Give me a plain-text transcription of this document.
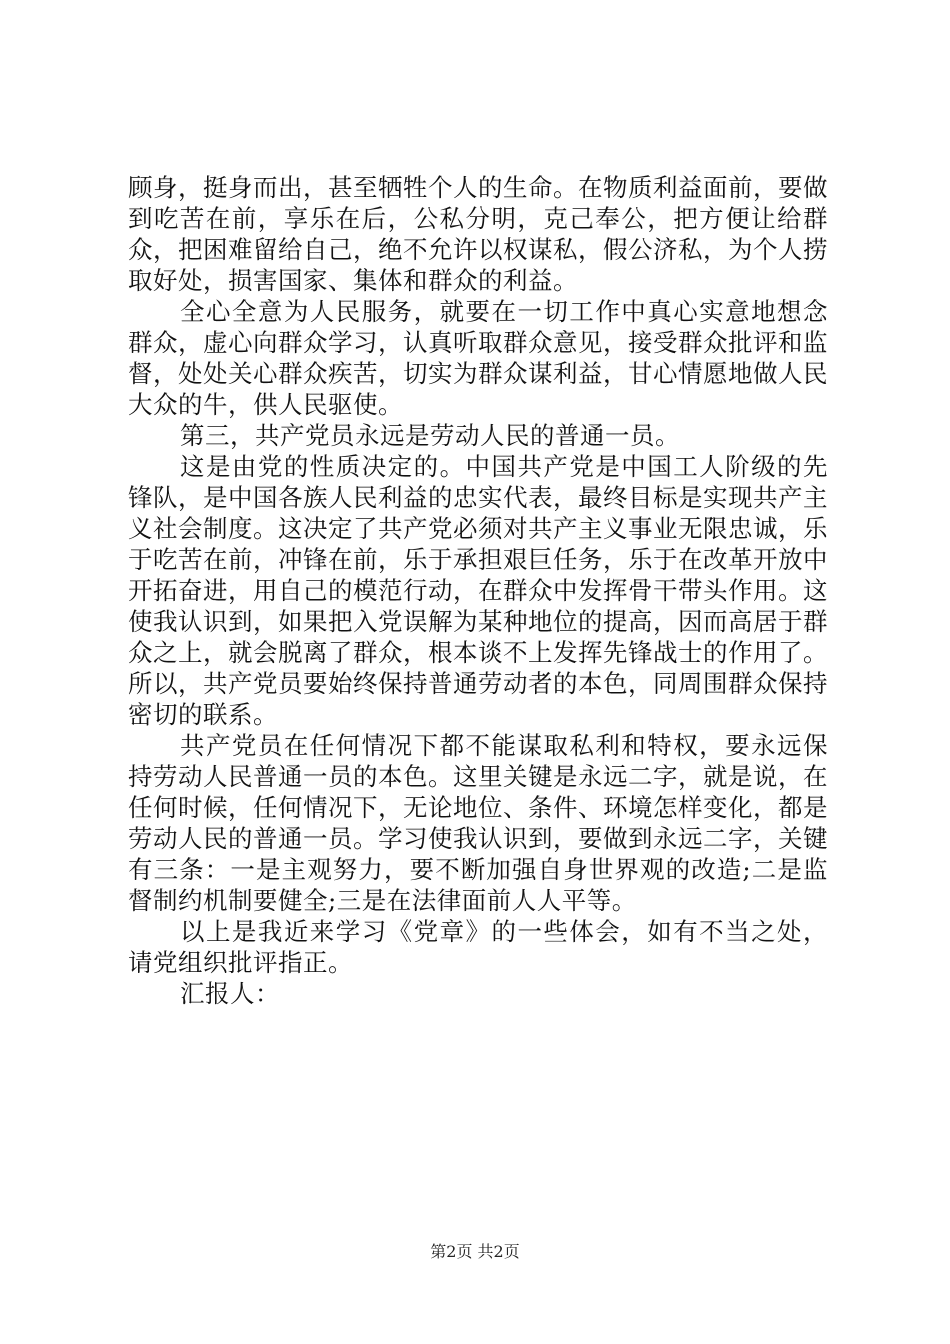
顾身，挺身而出，甚至牺牲个人的生命。在物质利益面前，要做到吃苦在前，享乐在后，公私分明，克己奉公，把方便让给群众，把困难留给自己，绝不允许以权谋私，假公济私，为个人捞取好处，损害国家、集体和群众的利益。

全心全意为人民服务，就要在一切工作中真心实意地想念群众，虚心向群众学习，认真听取群众意见，接受群众批评和监督，处处关心群众疾苦，切实为群众谋利益，甘心情愿地做人民大众的牛，供人民驱使。

第三，共产党员永远是劳动人民的普通一员。

这是由党的性质决定的。中国共产党是中国工人阶级的先锋队，是中国各族人民利益的忠实代表，最终目标是实现共产主义社会制度。这决定了共产党必须对共产主义事业无限忠诚，乐于吃苦在前，冲锋在前，乐于承担艰巨任务，乐于在改革开放中开拓奋进，用自己的模范行动，在群众中发挥骨干带头作用。这使我认识到，如果把入党误解为某种地位的提高，因而高居于群众之上，就会脱离了群众，根本谈不上发挥先锋战士的作用了。所以，共产党员要始终保持普通劳动者的本色，同周围群众保持密切的联系。

共产党员在任何情况下都不能谋取私利和特权，要永远保持劳动人民普通一员的本色。这里关键是永远二字，就是说，在任何时候，任何情况下，无论地位、条件、环境怎样变化，都是劳动人民的普通一员。学习使我认识到，要做到永远二字，关键有三条：一是主观努力，要不断加强自身世界观的改造;二是监督制约机制要健全;三是在法律面前人人平等。

以上是我近来学习《党章》的一些体会，如有不当之处，请党组织批评指正。

汇报人：

第2页 共2页
